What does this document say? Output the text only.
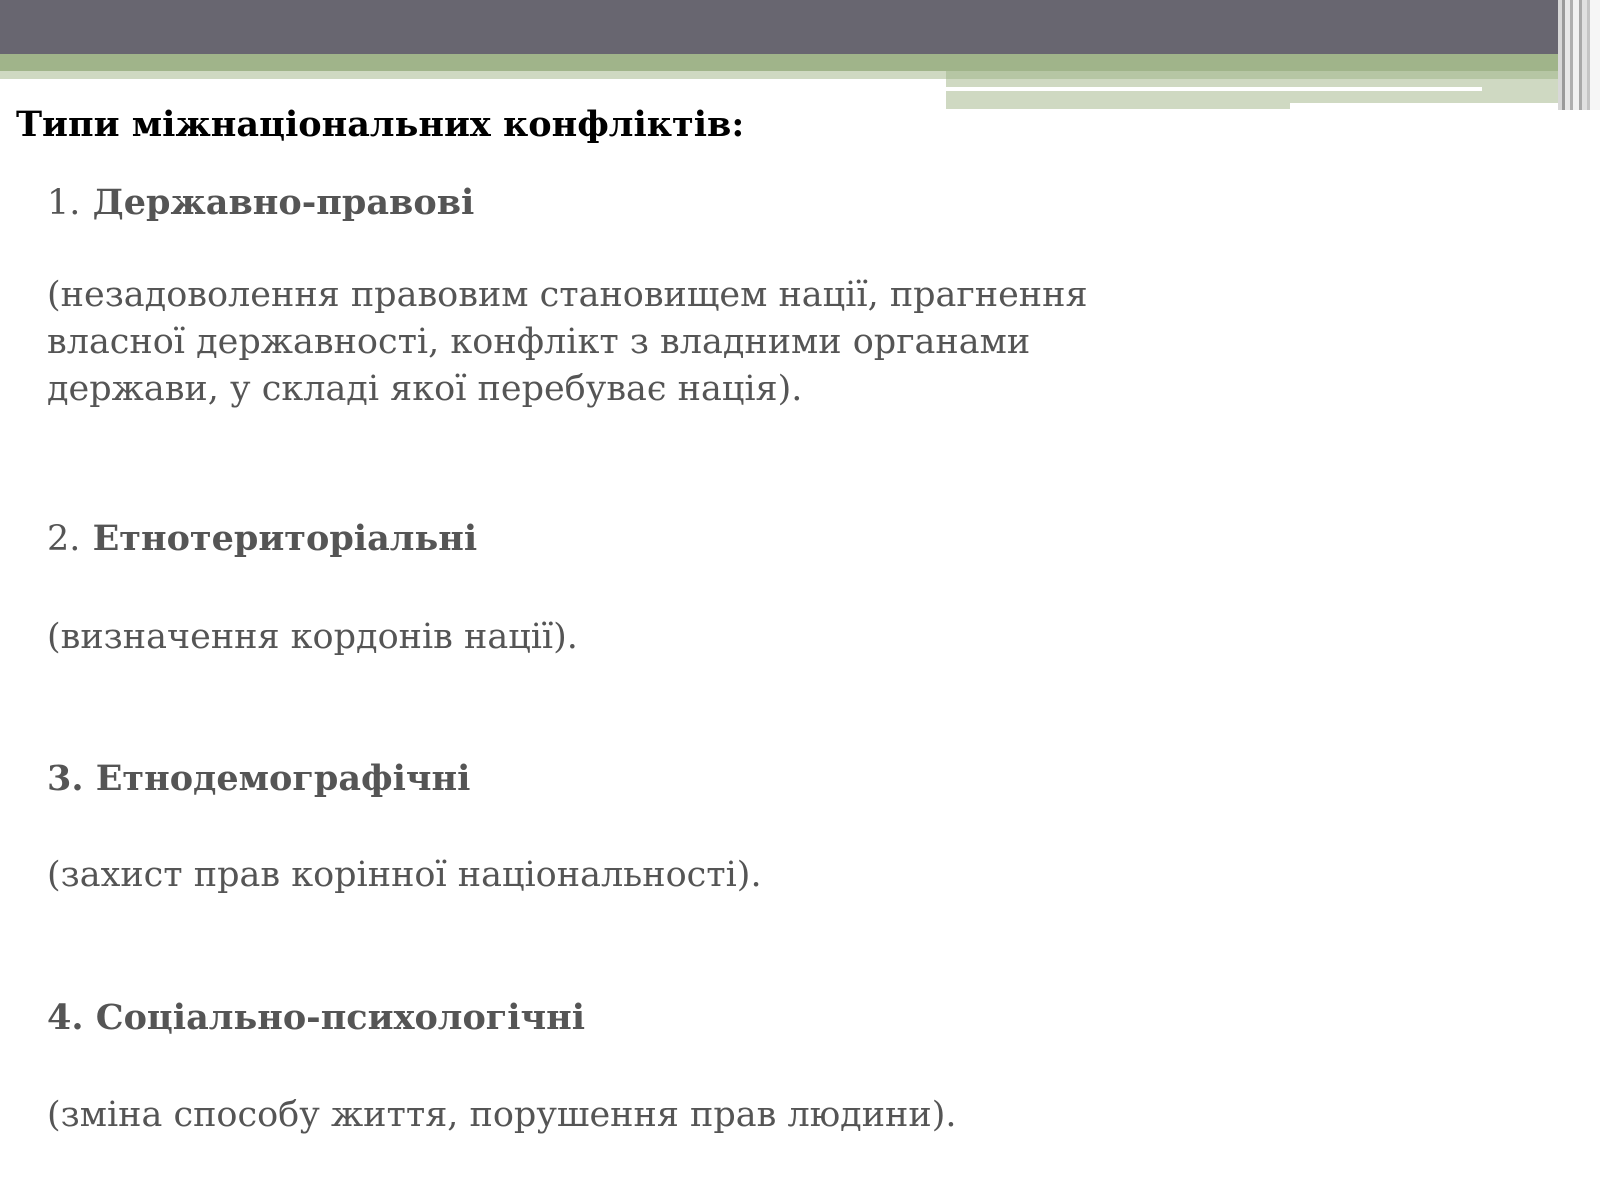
Типи міжнаціональних конфліктів:
1. Державно-правові
(незадоволення правовим становищем нації, прагнення
власної державності, конфлікт з владними органами
держави, у складі якої перебуває нація).
2. Етнотериторіальні
(визначення кордонів нації).
3. Етнодемографічні
(захист прав корінної національності).
4. Соціально-психологічні
(зміна способу життя, порушення прав людини).
